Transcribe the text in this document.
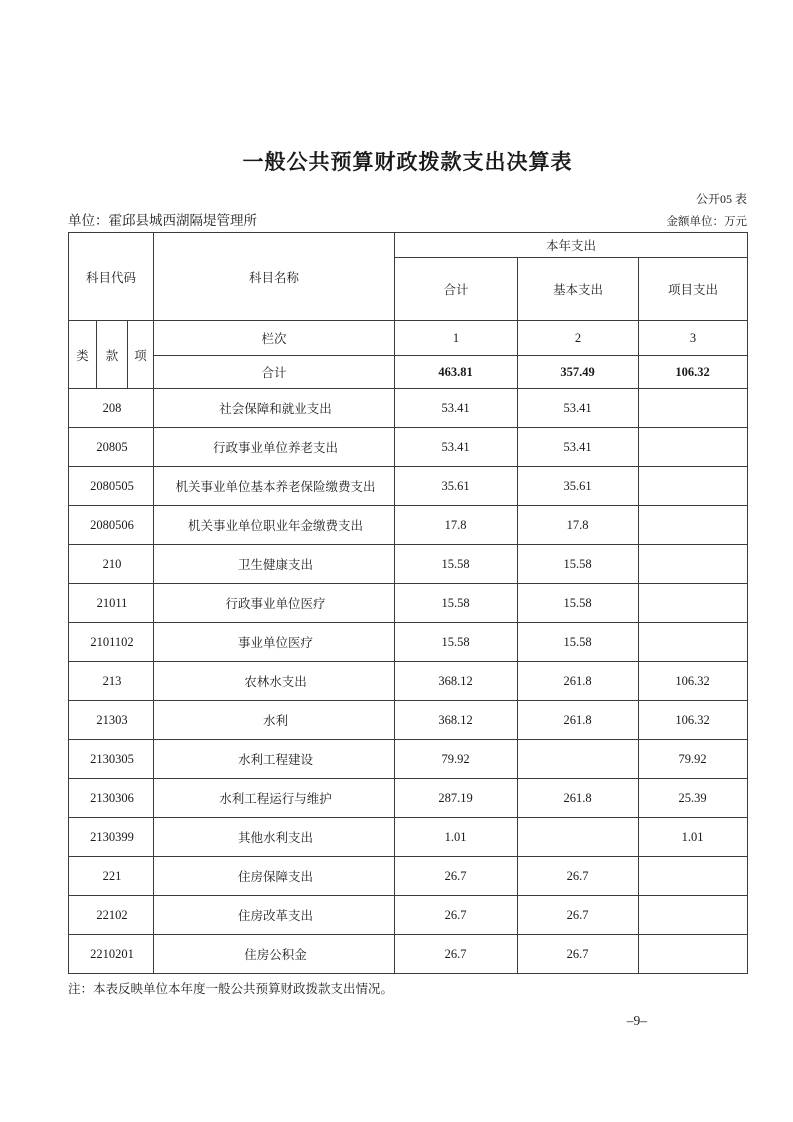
一般公共预算财政拨款支出决算表
公开05 表
单位：霍邱县城西湖隔堤管理所	金额单位：万元
科目代码			科目名称	本年支出		
				合计	基本支出	项目支出
类	款	项	栏次	1	2	3
			合计	463.81	357.49	106.32
208			社会保障和就业支出	53.41	53.41	
20805			行政事业单位养老支出	53.41	53.41	
2080505			机关事业单位基本养老保险缴费支出	35.61	35.61	
2080506			机关事业单位职业年金缴费支出	17.8	17.8	
210			卫生健康支出	15.58	15.58	
21011			行政事业单位医疗	15.58	15.58	
2101102			事业单位医疗	15.58	15.58	
213			农林水支出	368.12	261.8	106.32
21303			水利	368.12	261.8	106.32
2130305			水利工程建设	79.92		79.92
2130306			水利工程运行与维护	287.19	261.8	25.39
2130399			其他水利支出	1.01		1.01
221			住房保障支出	26.7	26.7	
22102			住房改革支出	26.7	26.7	
2210201			住房公积金	26.7	26.7	
注：本表反映单位本年度一般公共预算财政拨款支出情况。
–9–
